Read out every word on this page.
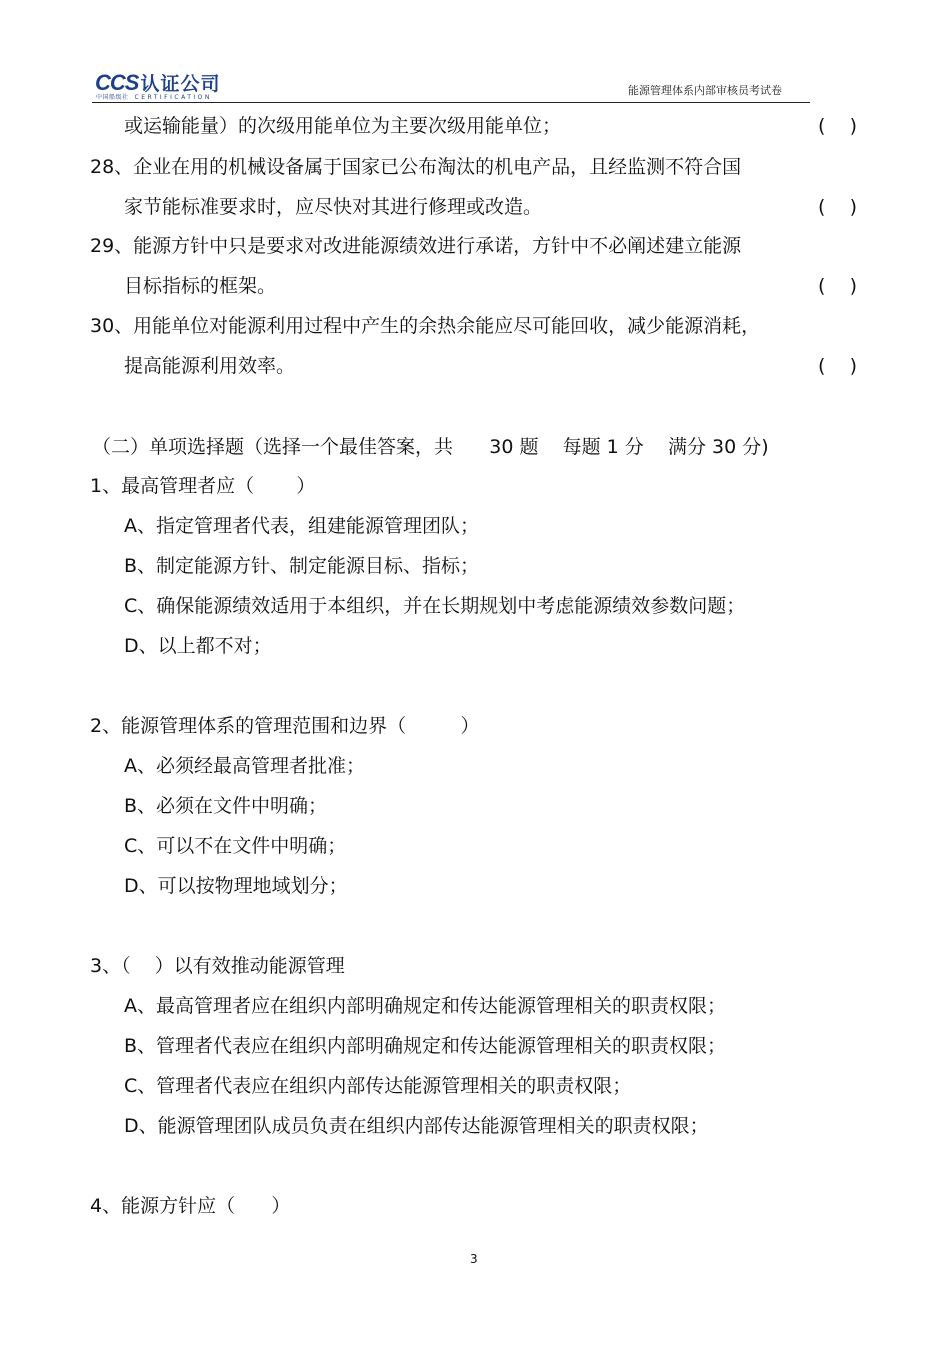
CCS 认证公司
中国船级社 CERTIFICATION
能源管理体系内部审核员考试卷
或运输能量）的次级用能单位为主要次级用能单位；	(    )
28、企业在用的机械设备属于国家已公布淘汰的机电产品，且经监测不符合国
家节能标准要求时，应尽快对其进行修理或改造。	(    )
29、能源方针中只是要求对改进能源绩效进行承诺，方针中不必阐述建立能源
目标指标的框架。	(    )
30、用能单位对能源利用过程中产生的余热余能应尽可能回收，减少能源消耗，
提高能源利用效率。	(    )
（二）单项选择题（选择一个最佳答案，共      30 题    每题 1 分    满分 30 分)
1、最高管理者应（       ）
A、指定管理者代表，组建能源管理团队；
B、制定能源方针、制定能源目标、指标；
C、确保能源绩效适用于本组织，并在长期规划中考虑能源绩效参数问题；
D、以上都不对；
2、能源管理体系的管理范围和边界（         ）
A、必须经最高管理者批准；
B、必须在文件中明确；
C、可以不在文件中明确；
D、可以按物理地域划分；
3、（    ）以有效推动能源管理
A、最高管理者应在组织内部明确规定和传达能源管理相关的职责权限；
B、管理者代表应在组织内部明确规定和传达能源管理相关的职责权限；
C、管理者代表应在组织内部传达能源管理相关的职责权限；
D、能源管理团队成员负责在组织内部传达能源管理相关的职责权限；
4、能源方针应（      ）
3
